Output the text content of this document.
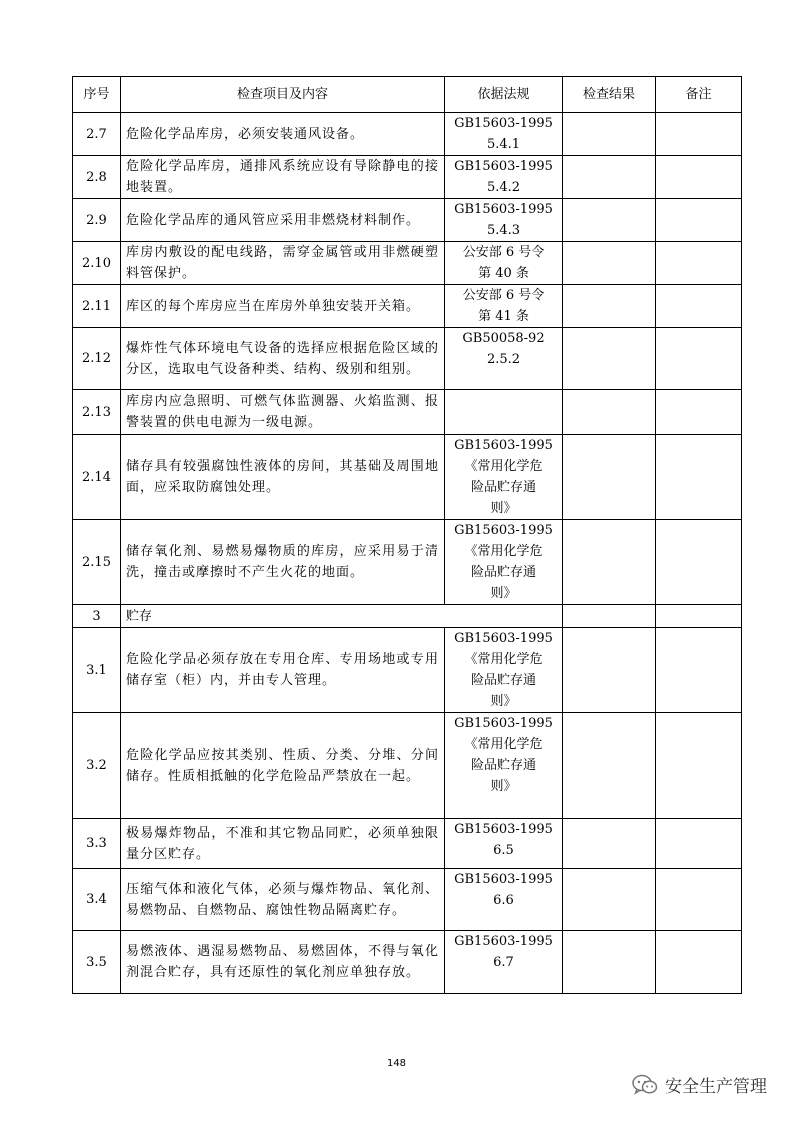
序号	检查项目及内容	依据法规	检查结果	备注
2.7	危险化学品库房，必须安装通风设备。	GB15603-1995
5.4.1		

2.8	危险化学品库房，通排风系统应设有导除静电的接地装置。	GB15603-1995
5.4.2		

2.9	危险化学品库的通风管应采用非燃烧材料制作。	GB15603-1995
5.4.3		

2.10	库房内敷设的配电线路，需穿金属管或用非燃硬塑料管保护。	公安部 6 号令
第 40 条		

2.11	库区的每个库房应当在库房外单独安装开关箱。	公安部 6 号令
第 41 条		

2.12	爆炸性气体环境电气设备的选择应根据危险区域的分区，选取电气设备种类、结构、级别和组别。	GB50058-92
2.5.2		

2.13	库房内应急照明、可燃气体监测器、火焰监测、报警装置的供电电源为一级电源。			
2.14	储存具有较强腐蚀性液体的房间，其基础及周围地面，应采取防腐蚀处理。	GB15603-1995
《常用化学危
险品贮存通
则》		

2.15	储存氧化剂、易燃易爆物质的库房，应采用易于清洗，撞击或摩擦时不产生火花的地面。	GB15603-1995
《常用化学危
险品贮存通
则》		

3	贮存			
3.1	危险化学品必须存放在专用仓库、专用场地或专用储存室（柜）内，并由专人管理。	GB15603-1995
《常用化学危
险品贮存通
则》		

3.2	危险化学品应按其类别、性质、分类、分堆、分间储存。性质相抵触的化学危险品严禁放在一起。	GB15603-1995
《常用化学危
险品贮存通
则》		

3.3	极易爆炸物品，不准和其它物品同贮，必须单独限量分区贮存。	GB15603-1995
6.5		

3.4	压缩气体和液化气体，必须与爆炸物品、氧化剂、易燃物品、自燃物品、腐蚀性物品隔离贮存。	GB15603-1995
6.6		

3.5	易燃液体、遇湿易燃物品、易燃固体，不得与氧化剂混合贮存，具有还原性的氧化剂应单独存放。	GB15603-1995
6.7		

148
安全生产管理
